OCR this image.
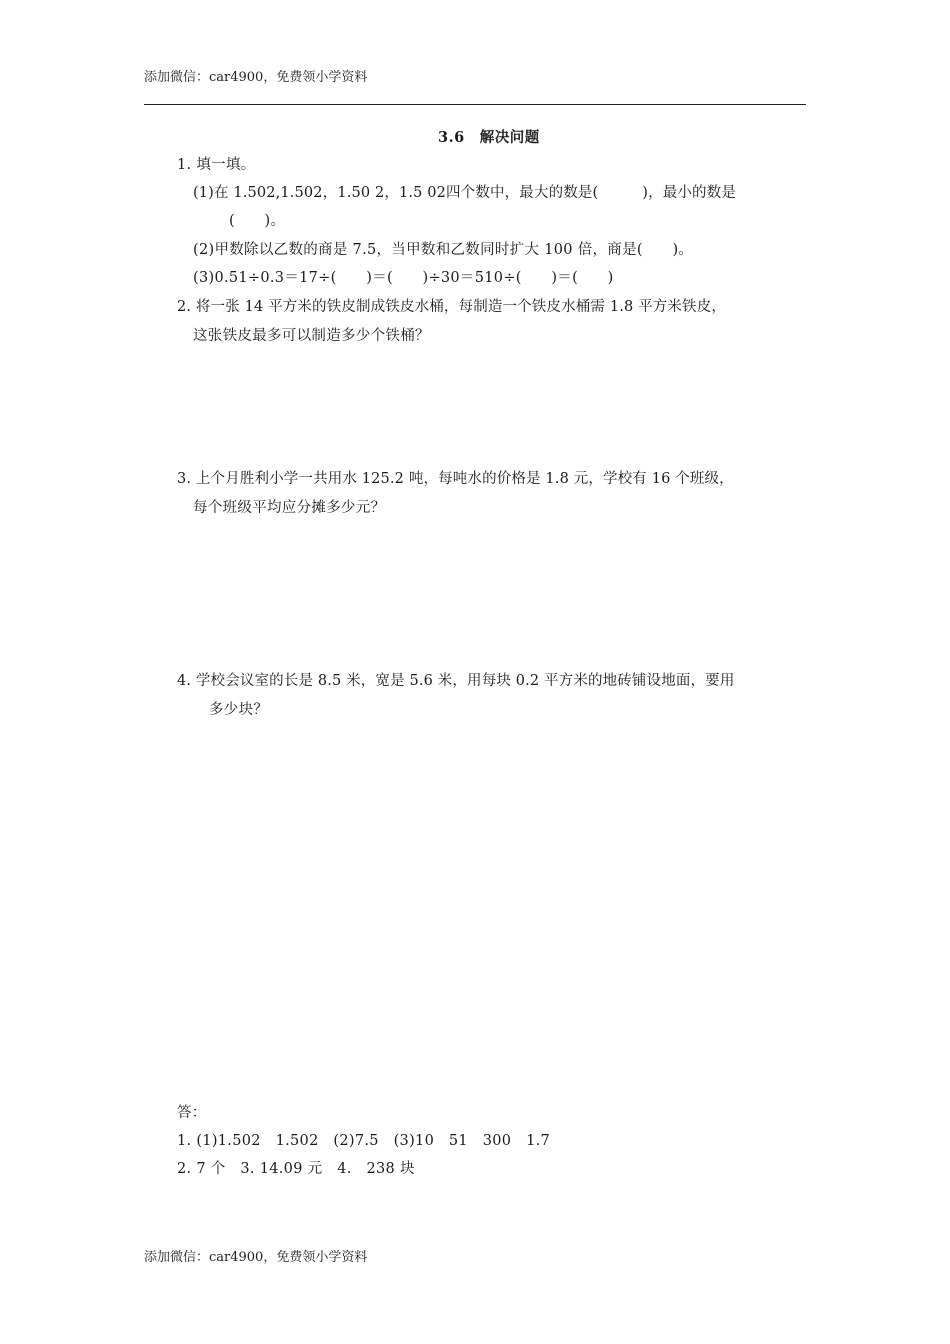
添加微信：car4900，免费领小学资料
3.6　解决问题
1. 填一填。
(1)在 1.502,1.502，1.50 2，1.5 02四个数中，最大的数是(　　　)，最小的数是
(　　)。
(2)甲数除以乙数的商是 7.5，当甲数和乙数同时扩大 100 倍，商是(　　)。
(3)0.51÷0.3＝17÷(　　)＝(　　)÷30＝510÷(　　)＝(　　)
2. 将一张 14 平方米的铁皮制成铁皮水桶，每制造一个铁皮水桶需 1.8 平方米铁皮，
这张铁皮最多可以制造多少个铁桶？
3. 上个月胜利小学一共用水 125.2 吨，每吨水的价格是 1.8 元，学校有 16 个班级，
每个班级平均应分摊多少元？
4. 学校会议室的长是 8.5 米，宽是 5.6 米，用每块 0.2 平方米的地砖铺设地面，要用
多少块？
答：
1. (1)1.502　1.502　(2)7.5　(3)10　51　300　1.7
2. 7 个　3. 14.09 元　4.　238 块
添加微信：car4900，免费领小学资料
